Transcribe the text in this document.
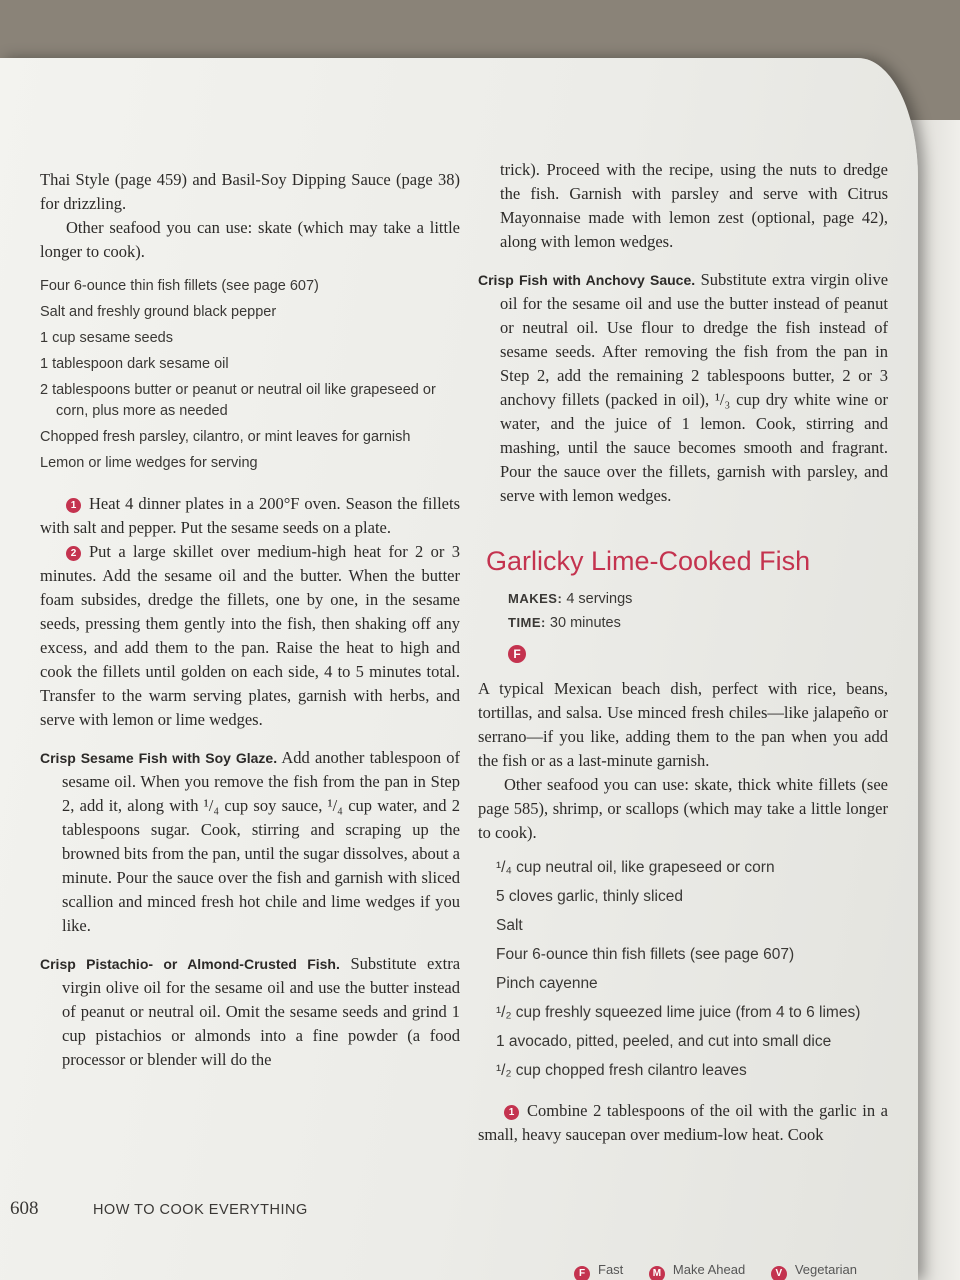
Thai Style (page 459) and Basil-Soy Dipping Sauce (page 38) for drizzling.

Other seafood you can use: skate (which may take a little longer to cook).

Four 6-ounce thin fish fillets (see page 607)
Salt and freshly ground black pepper
1 cup sesame seeds
1 tablespoon dark sesame oil
2 tablespoons butter or peanut or neutral oil like grapeseed or corn, plus more as needed
Chopped fresh parsley, cilantro, or mint leaves for garnish
Lemon or lime wedges for serving

1 Heat 4 dinner plates in a 200°F oven. Season the fillets with salt and pepper. Put the sesame seeds on a plate.

2 Put a large skillet over medium-high heat for 2 or 3 minutes. Add the sesame oil and the butter. When the butter foam subsides, dredge the fillets, one by one, in the sesame seeds, pressing them gently into the fish, then shaking off any excess, and add them to the pan. Raise the heat to high and cook the fillets until golden on each side, 4 to 5 minutes total. Transfer to the warm serving plates, garnish with herbs, and serve with lemon or lime wedges.

Crisp Sesame Fish with Soy Glaze. Add another tablespoon of sesame oil. When you remove the fish from the pan in Step 2, add it, along with ¹/₄ cup soy sauce, ¹/₄ cup water, and 2 tablespoons sugar. Cook, stirring and scraping up the browned bits from the pan, until the sugar dissolves, about a minute. Pour the sauce over the fish and garnish with sliced scallion and minced fresh hot chile and lime wedges if you like.

Crisp Pistachio- or Almond-Crusted Fish. Substitute extra virgin olive oil for the sesame oil and use the butter instead of peanut or neutral oil. Omit the sesame seeds and grind 1 cup pistachios or almonds into a fine powder (a food processor or blender will do the

trick). Proceed with the recipe, using the nuts to dredge the fish. Garnish with parsley and serve with Citrus Mayonnaise made with lemon zest (optional, page 42), along with lemon wedges.

Crisp Fish with Anchovy Sauce. Substitute extra virgin olive oil for the sesame oil and use the butter instead of peanut or neutral oil. Use flour to dredge the fish instead of sesame seeds. After removing the fish from the pan in Step 2, add the remaining 2 tablespoons butter, 2 or 3 anchovy fillets (packed in oil), ¹/₃ cup dry white wine or water, and the juice of 1 lemon. Cook, stirring and mashing, until the sauce becomes smooth and fragrant. Pour the sauce over the fillets, garnish with parsley, and serve with lemon wedges.

Garlicky Lime-Cooked Fish
MAKES: 4 servings
TIME: 30 minutes
F

A typical Mexican beach dish, perfect with rice, beans, tortillas, and salsa. Use minced fresh chiles—like jalapeño or serrano—if you like, adding them to the pan when you add the fish or as a last-minute garnish.

Other seafood you can use: skate, thick white fillets (see page 585), shrimp, or scallops (which may take a little longer to cook).

¹/₄ cup neutral oil, like grapeseed or corn
5 cloves garlic, thinly sliced
Salt
Four 6-ounce thin fish fillets (see page 607)
Pinch cayenne
¹/₂ cup freshly squeezed lime juice (from 4 to 6 limes)
1 avocado, pitted, peeled, and cut into small dice
¹/₂ cup chopped fresh cilantro leaves

1 Combine 2 tablespoons of the oil with the garlic in a small, heavy saucepan over medium-low heat. Cook

608	HOW TO COOK EVERYTHING
F Fast	M Make Ahead	V Vegetarian
